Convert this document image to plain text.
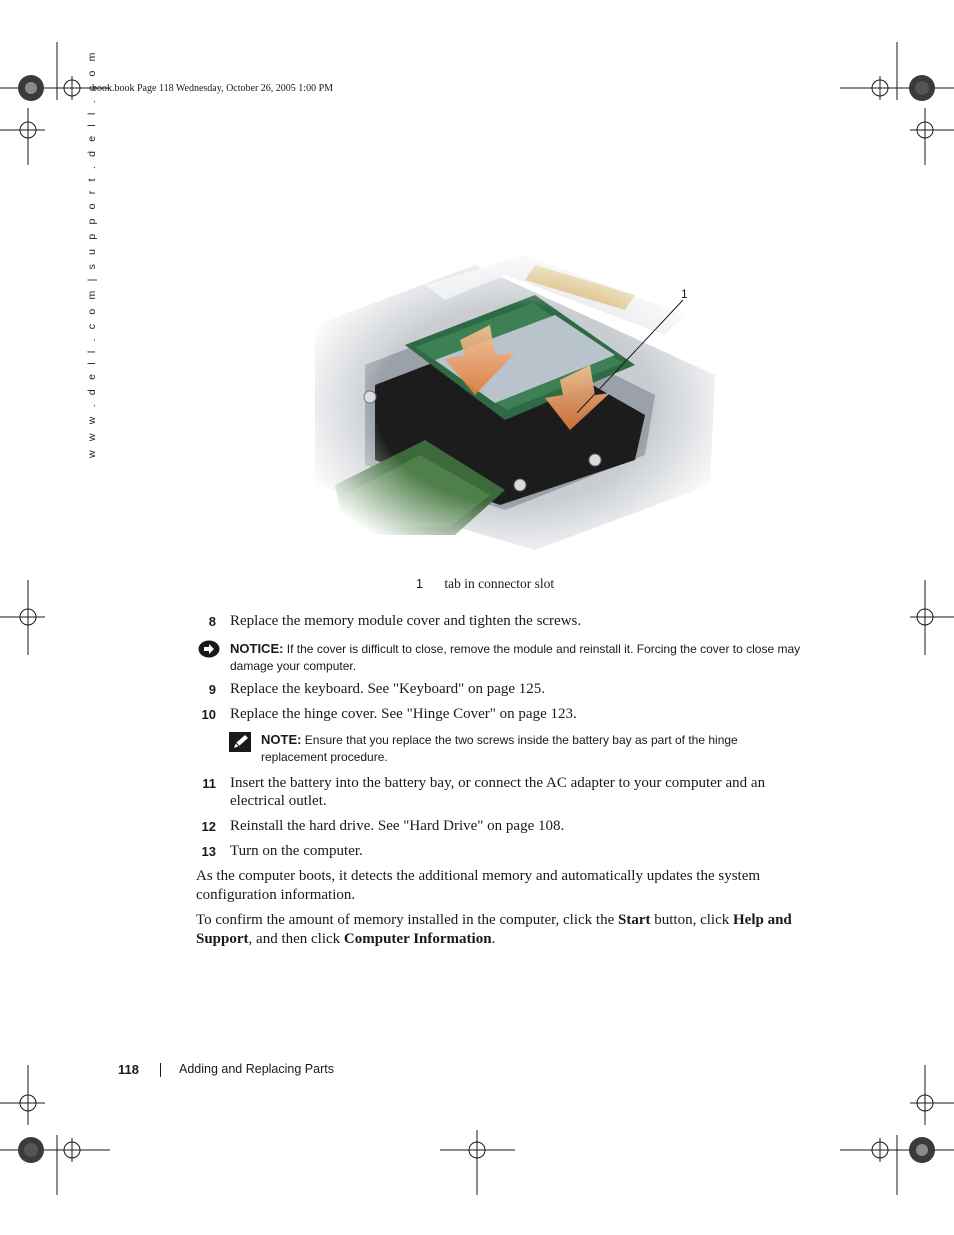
book.book Page 118 Wednesday, October 26, 2005 1:00 PM
w w w . d e l l . c o m | s u p p o r t . d e l l . c o m	1
1 tab in connector slot
8 Replace the memory module cover and tighten the screws.
NOTICE: If the cover is difficult to close, remove the module and reinstall it. Forcing the cover to close may damage your computer.
9 Replace the keyboard. See "Keyboard" on page 125.
10 Replace the hinge cover. See "Hinge Cover" on page 123.
NOTE: Ensure that you replace the two screws inside the battery bay as part of the hinge replacement procedure.
11 Insert the battery into the battery bay, or connect the AC adapter to your computer and an electrical outlet.
12 Reinstall the hard drive. See "Hard Drive" on page 108.
13 Turn on the computer.
As the computer boots, it detects the additional memory and automatically updates the system configuration information.
To confirm the amount of memory installed in the computer, click the Start button, click Help and Support, and then click Computer Information.
118	Adding and Replacing Parts
